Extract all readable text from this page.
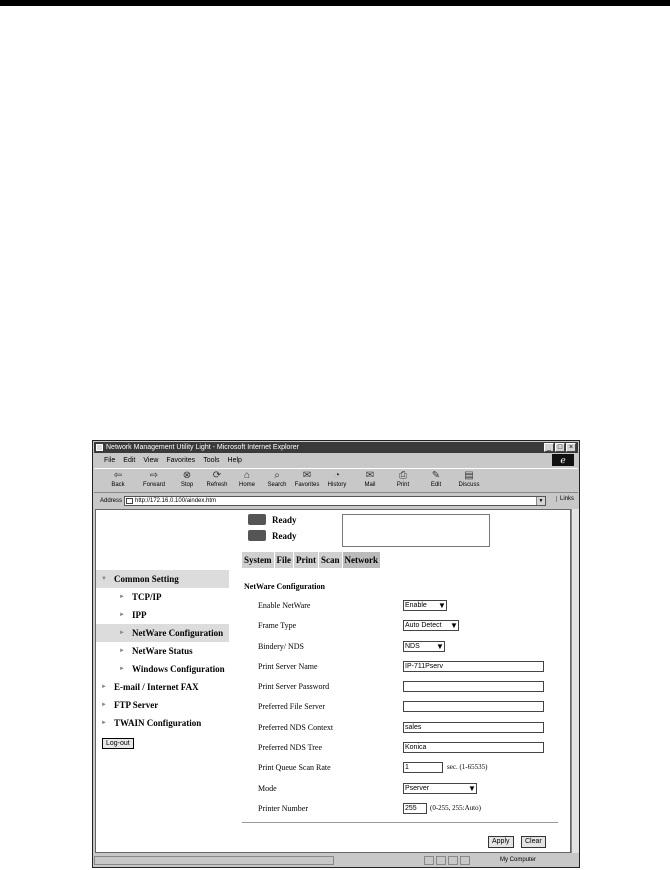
Network Management Utility Light - Microsoft Internet Explorer	_ □ ×
File Edit View Favorites Tools Help	ℯ
⇦
Back
⇨
Forward
⊗
Stop
⟳
Refresh
⌂
Home
⌕
Search
✉
Favorites
◔
History
✉
Mail
⎙
Print
✎
Edit
▤
Discuss
Address	http://172.16.0.100/aindex.htm	▼	Links
Ready
Ready
System File Print Scan Network
▼ Common Setting
► TCP/IP
► IPP
► NetWare Configuration
► NetWare Status
► Windows Configuration
► E-mail / Internet FAX
► FTP Server
► TWAIN Configuration
Log-out
NetWare Configuration
Enable NetWare	Enable	▼
Frame Type	Auto Detect	▼
Bindery/ NDS	NDS	▼
Print Server Name	IP-711Pserv
Print Server Password
Preferred File Server
Preferred NDS Context	sales
Preferred NDS Tree	Konica
Print Queue Scan Rate	1	sec. (1-65535)
Mode	Pserver	▼
Printer Number	255	(0-255, 255:Auto)
Apply	Clear
My Computer
